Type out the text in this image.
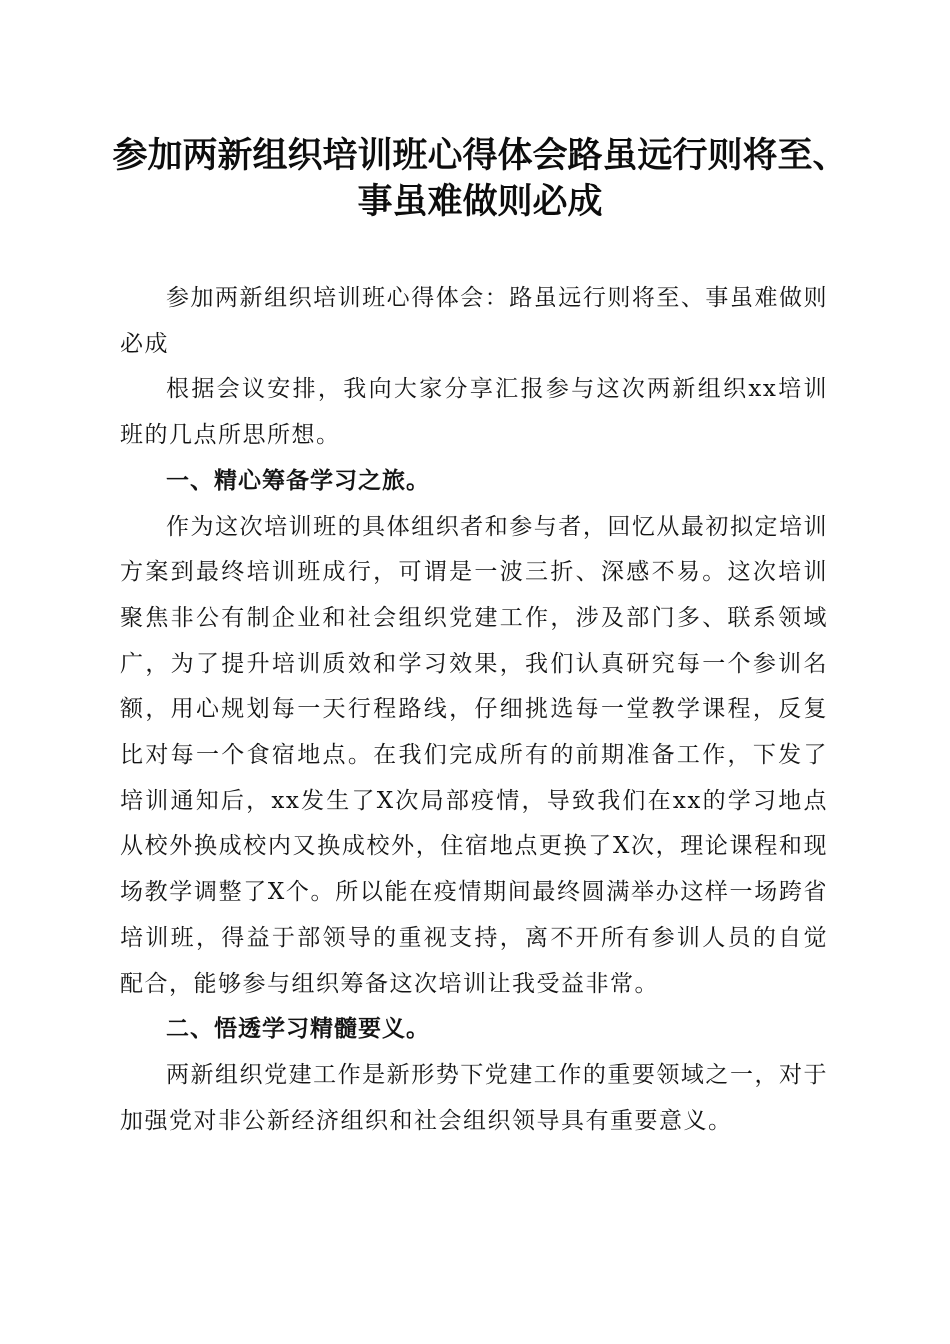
参加两新组织培训班心得体会路虽远行则将至、
事虽难做则必成

参加两新组织培训班心得体会：路虽远行则将至、事虽难做则必成

根据会议安排，我向大家分享汇报参与这次两新组织xx培训班的几点所思所想。

一、精心筹备学习之旅。

作为这次培训班的具体组织者和参与者，回忆从最初拟定培训方案到最终培训班成行，可谓是一波三折、深感不易。这次培训聚焦非公有制企业和社会组织党建工作，涉及部门多、联系领域广，为了提升培训质效和学习效果，我们认真研究每一个参训名额，用心规划每一天行程路线，仔细挑选每一堂教学课程，反复比对每一个食宿地点。在我们完成所有的前期准备工作，下发了培训通知后，xx发生了X次局部疫情，导致我们在xx的学习地点从校外换成校内又换成校外，住宿地点更换了X次，理论课程和现场教学调整了X个。所以能在疫情期间最终圆满举办这样一场跨省培训班，得益于部领导的重视支持，离不开所有参训人员的自觉配合，能够参与组织筹备这次培训让我受益非常。

二、悟透学习精髓要义。

两新组织党建工作是新形势下党建工作的重要领域之一，对于加强党对非公新经济组织和社会组织领导具有重要意义。
